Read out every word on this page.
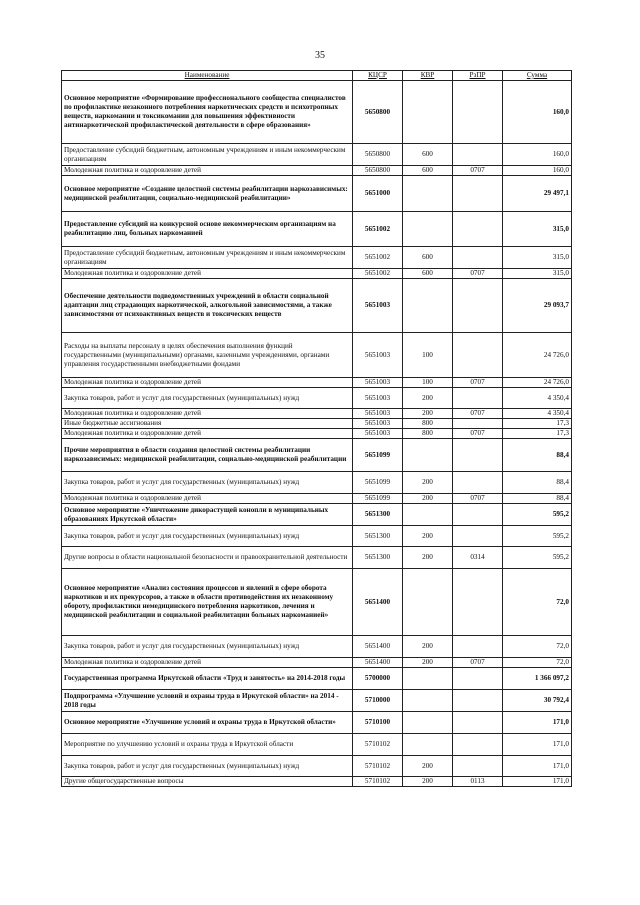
35
Наименование	КЦСР	КВР	РзПР	Сумма
Основное мероприятие «Формирование профессионального сообщества специалистов по профилактике незаконного потребления наркотических средств и психотропных веществ, наркомании и токсикомании для повышения эффективности антинаркотической профилактической деятельности в сфере образования»	5650800			160,0
Предоставление субсидий бюджетным, автономным учреждениям и иным некоммерческим организациям	5650800	600		160,0
Молодежная политика и оздоровление детей	5650800	600	0707	160,0
Основное мероприятие «Создание целостной системы реабилитации наркозависимых: медицинской реабилитации, социально-медицинской реабилитации»	5651000			29 497,1
Предоставление субсидий на конкурсной основе некоммерческим организациям на реабилитацию лиц, больных наркоманией	5651002			315,0
Предоставление субсидий бюджетным, автономным учреждениям и иным некоммерческим организациям	5651002	600		315,0
Молодежная политика и оздоровление детей	5651002	600	0707	315,0
Обеспечение деятельности подведомственных учреждений в области социальной адаптации лиц страдающих наркотической, алкогольной зависимостями, а также зависимостями от психоактивных веществ и токсических веществ	5651003			29 093,7
Расходы на выплаты персоналу в целях обеспечения выполнения функций государственными (муниципальными) органами, казенными учреждениями, органами управления государственными внебюджетными фондами	5651003	100		24 726,0
Молодежная политика и оздоровление детей	5651003	100	0707	24 726,0
Закупка товаров, работ и услуг для государственных (муниципальных) нужд	5651003	200		4 350,4
Молодежная политика и оздоровление детей	5651003	200	0707	4 350,4
Иные бюджетные ассигнования	5651003	800		17,3
Молодежная политика и оздоровление детей	5651003	800	0707	17,3
Прочие мероприятия в области создания целостной системы реабилитации наркозависимых: медицинской реабилитации, социально-медицинской реабилитации	5651099			88,4
Закупка товаров, работ и услуг для государственных (муниципальных) нужд	5651099	200		88,4
Молодежная политика и оздоровление детей	5651099	200	0707	88,4
Основное мероприятие «Уничтожение дикорастущей конопли в муниципальных образованиях Иркутской области»	5651300			595,2
Закупка товаров, работ и услуг для государственных (муниципальных) нужд	5651300	200		595,2
Другие вопросы в области национальной безопасности и правоохранительной деятельности	5651300	200	0314	595,2
Основное мероприятие «Анализ состояния процессов и явлений в сфере оборота наркотиков и их прекурсоров, а также в области противодействия их незаконному обороту, профилактики немедицинского потребления наркотиков, лечения и медицинской реабилитации и социальной реабилитации больных наркоманией»	5651400			72,0
Закупка товаров, работ и услуг для государственных (муниципальных) нужд	5651400	200		72,0
Молодежная политика и оздоровление детей	5651400	200	0707	72,0
Государственная программа Иркутской области «Труд и занятость» на 2014-2018 годы	5700000			1 366 097,2
Подпрограмма «Улучшение условий и охраны труда в Иркутской области» на 2014 - 2018 годы	5710000			30 792,4
Основное мероприятие «Улучшение условий и охраны труда в Иркутской области»	5710100			171,0
Мероприятие по улучшению условий и охраны труда в Иркутской области	5710102			171,0
Закупка товаров, работ и услуг для государственных (муниципальных) нужд	5710102	200		171,0
Другие общегосударственные вопросы	5710102	200	0113	171,0
